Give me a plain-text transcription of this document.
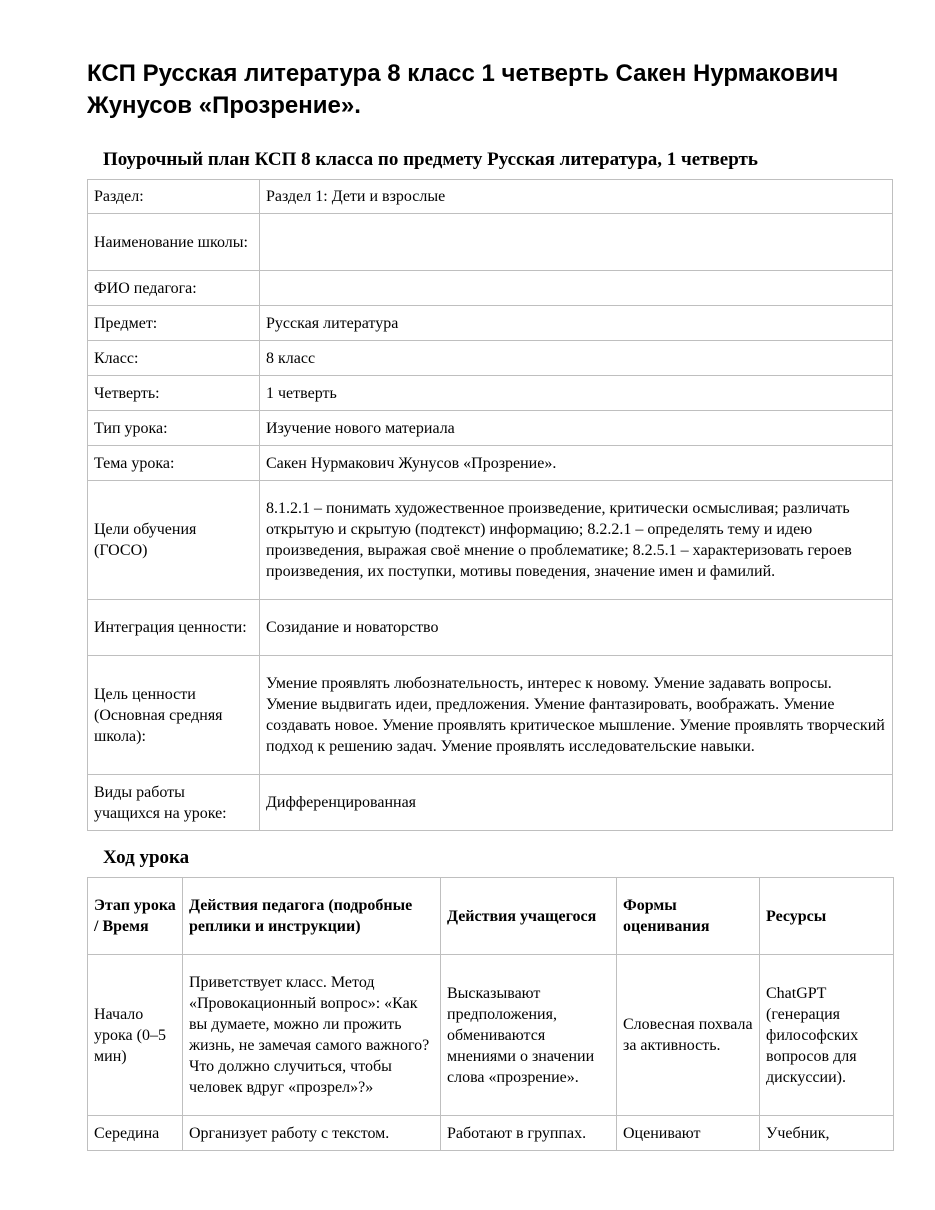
КСП Русская литература 8 класс 1 четверть Сакен Нурмакович Жунусов «Прозрение».
Поурочный план КСП 8 класса по предмету Русская литература, 1 четверть
Раздел:	Раздел 1: Дети и взрослые
Наименование школы:	
ФИО педагога:	
Предмет:	Русская литература
Класс:	8 класс
Четверть:	1 четверть
Тип урока:	Изучение нового материала
Тема урока:	Сакен Нурмакович Жунусов «Прозрение».
Цели обучения (ГОСО)	8.1.2.1 – понимать художественное произведение, критически осмысливая; различать открытую и скрытую (подтекст) информацию; 8.2.2.1 – определять тему и идею произведения, выражая своё мнение о проблематике; 8.2.5.1 – характеризовать героев произведения, их поступки, мотивы поведения, значение имен и фамилий.
Интеграция ценности:	Созидание и новаторство
Цель ценности (Основная средняя школа):	Умение проявлять любознательность, интерес к новому. Умение задавать вопросы. Умение выдвигать идеи, предложения. Умение фантазировать, воображать. Умение создавать новое. Умение проявлять критическое мышление. Умение проявлять творческий подход к решению задач. Умение проявлять исследовательские навыки.
Виды работы учащихся на уроке:	Дифференцированная
Ход урока
Этап урока / Время	Действия педагога (подробные реплики и инструкции)	Действия учащегося	Формы оценивания	Ресурсы
Начало урока (0–5 мин)	Приветствует класс. Метод «Провокационный вопрос»: «Как вы думаете, можно ли прожить жизнь, не замечая самого важного? Что должно случиться, чтобы человек вдруг «прозрел»?»	Высказывают предположения, обмениваются мнениями о значении слова «прозрение».	Словесная похвала за активность.	ChatGPT (генерация философских вопросов для дискуссии).
Середина	Организует работу с текстом.	Работают в группах.	Оценивают	Учебник,
